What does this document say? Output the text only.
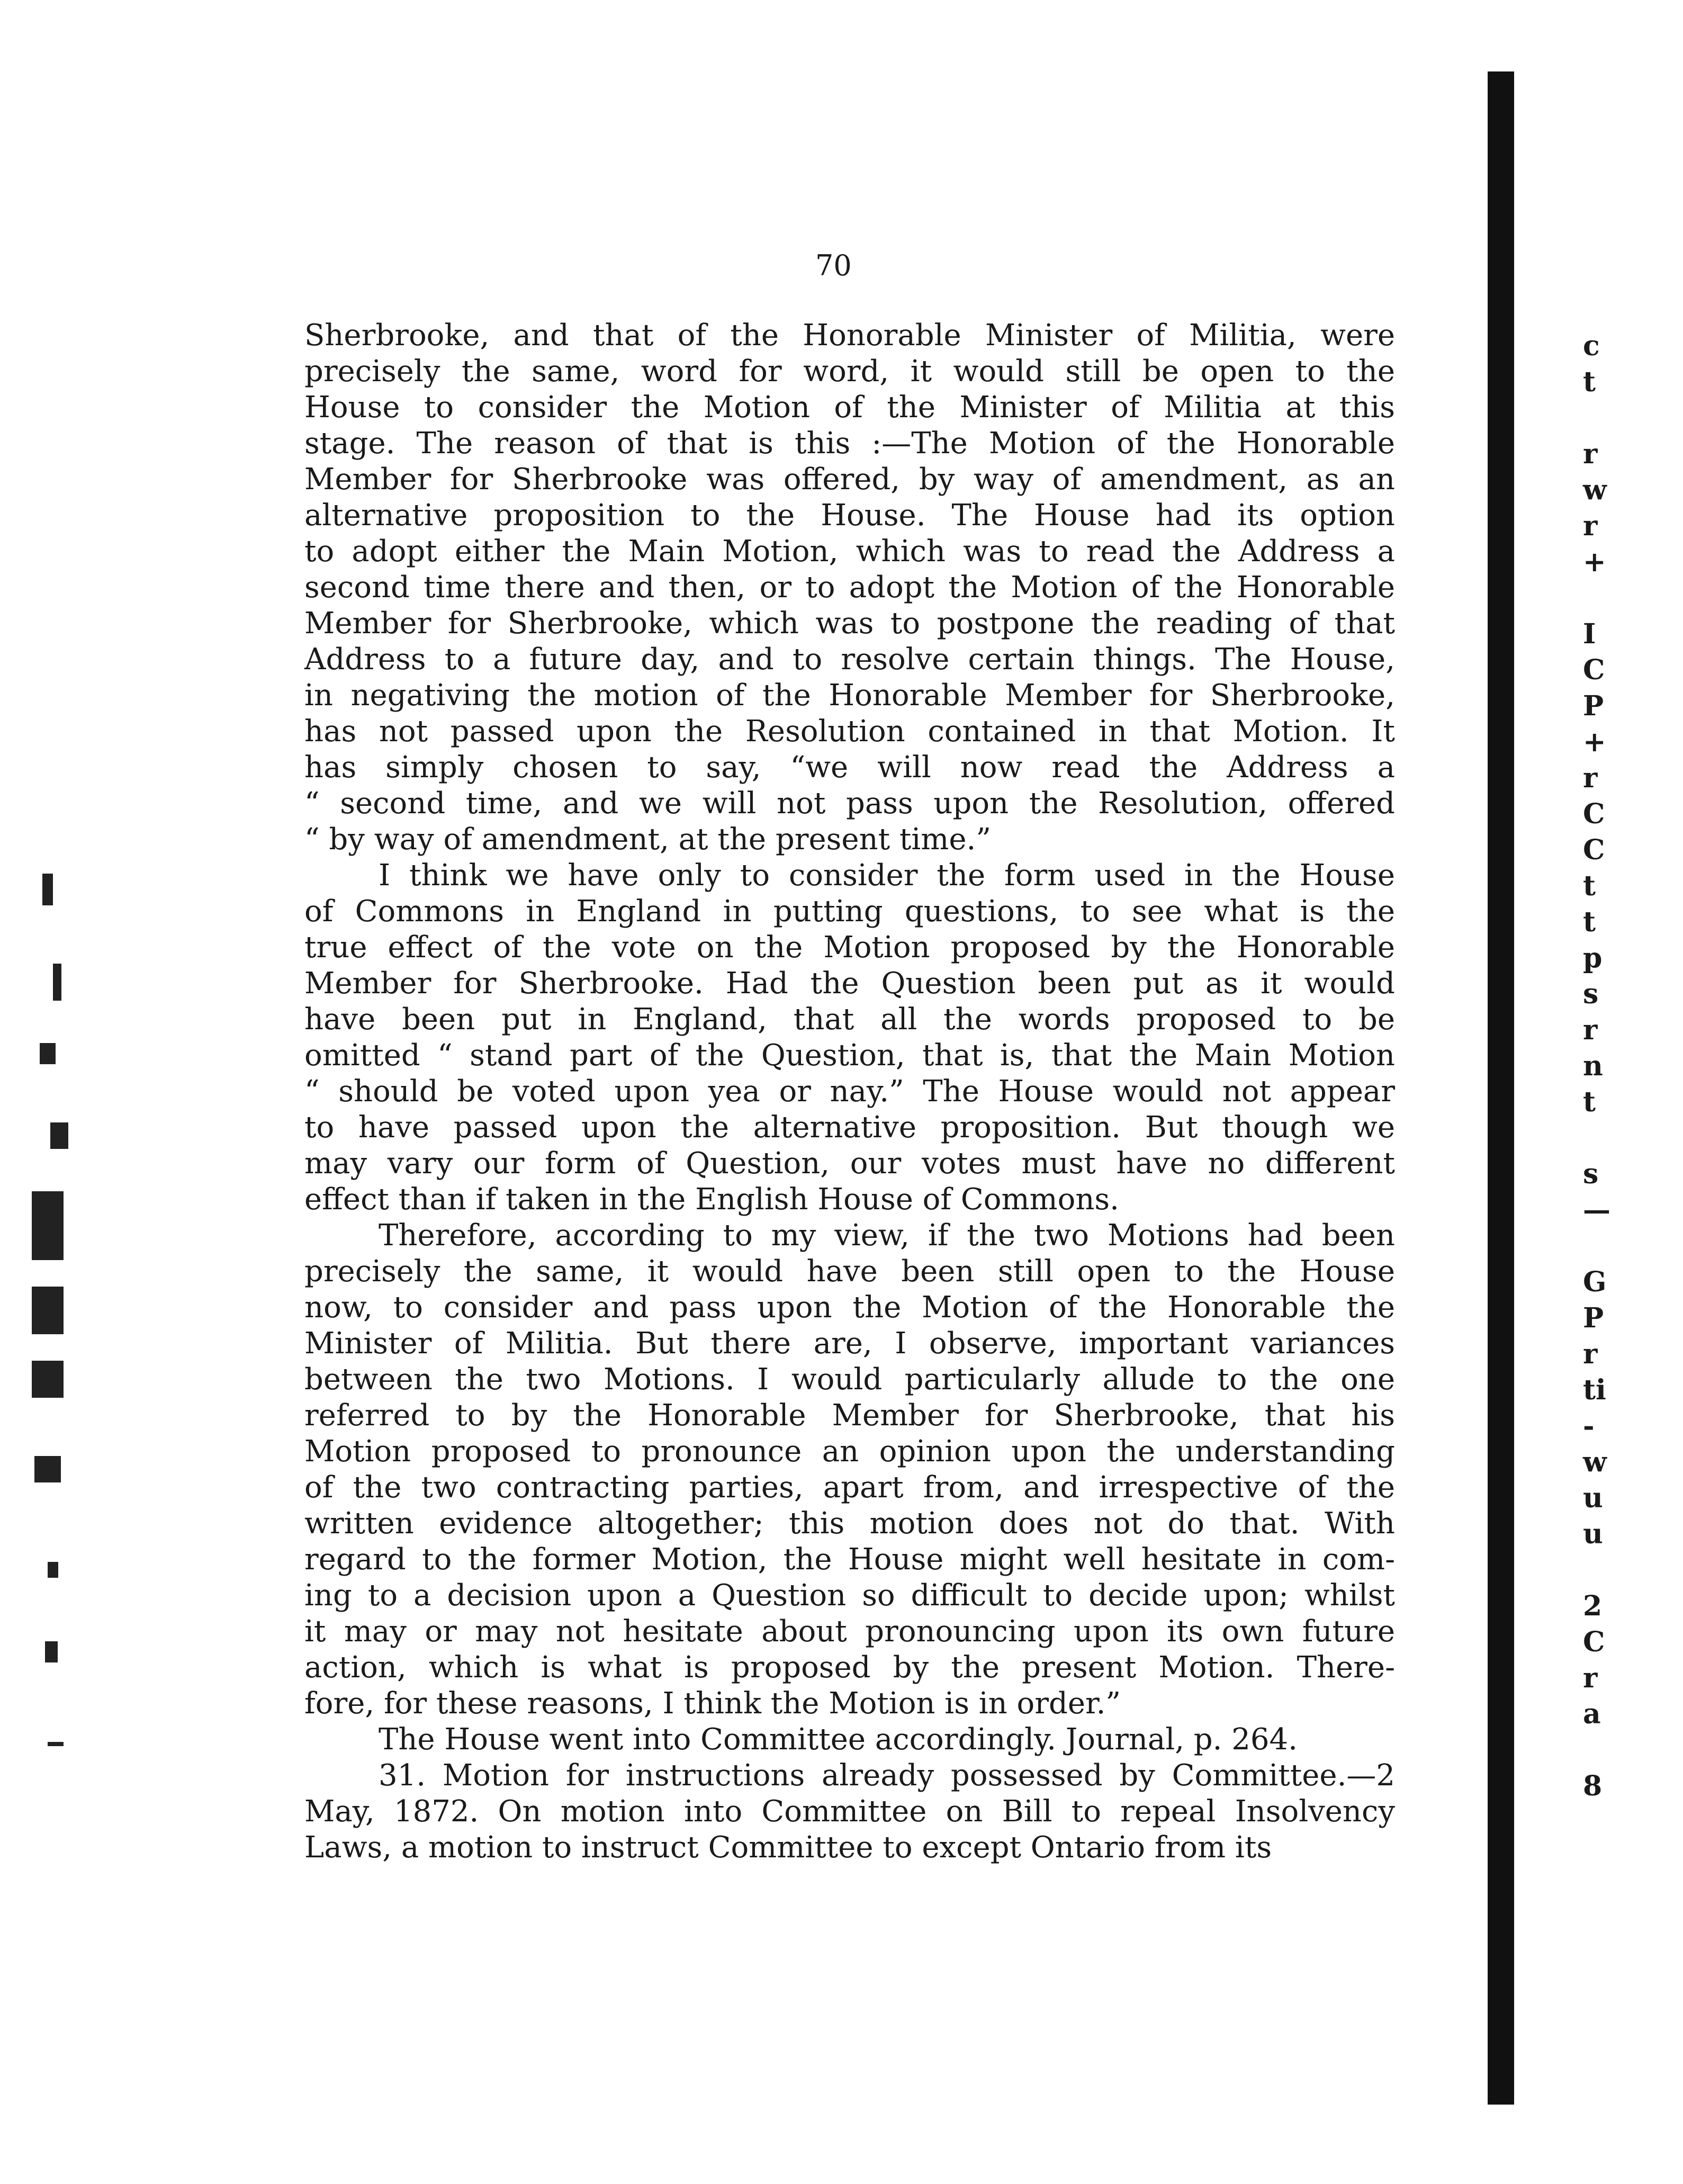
70

Sherbrooke, and that of the Honorable Minister of Militia, were
precisely the same, word for word, it would still be open to the
House to consider the Motion of the Minister of Militia at this
stage. The reason of that is this :—The Motion of the Honorable
Member for Sherbrooke was offered, by way of amendment, as an
alternative proposition to the House. The House had its option
to adopt either the Main Motion, which was to read the Address a
second time there and then, or to adopt the Motion of the Honorable
Member for Sherbrooke, which was to postpone the reading of that
Address to a future day, and to resolve certain things. The House,
in negativing the motion of the Honorable Member for Sherbrooke,
has not passed upon the Resolution contained in that Motion. It
has simply chosen to say, “we will now read the Address a
“ second time, and we will not pass upon the Resolution, offered
“ by way of amendment, at the present time.”

I think we have only to consider the form used in the House
of Commons in England in putting questions, to see what is the
true effect of the vote on the Motion proposed by the Honorable
Member for Sherbrooke. Had the Question been put as it would
have been put in England, that all the words proposed to be
omitted “ stand part of the Question, that is, that the Main Motion
“ should be voted upon yea or nay.” The House would not appear
to have passed upon the alternative proposition. But though we
may vary our form of Question, our votes must have no different
effect than if taken in the English House of Commons.

Therefore, according to my view, if the two Motions had been
precisely the same, it would have been still open to the House
now, to consider and pass upon the Motion of the Honorable the
Minister of Militia. But there are, I observe, important variances
between the two Motions. I would particularly allude to the one
referred to by the Honorable Member for Sherbrooke, that his
Motion proposed to pronounce an opinion upon the understanding
of the two contracting parties, apart from, and irrespective of the
written evidence altogether; this motion does not do that. With
regard to the former Motion, the House might well hesitate in com-
ing to a decision upon a Question so difficult to decide upon; whilst
it may or may not hesitate about pronouncing upon its own future
action, which is what is proposed by the present Motion. There-
fore, for these reasons, I think the Motion is in order.”

The House went into Committee accordingly. Journal, p. 264.

31. Motion for instructions already possessed by Committee.—2
May, 1872. On motion into Committee on Bill to repeal Insolvency
Laws, a motion to instruct Committee to except Ontario from its

c
t
r
w
r
+
I
C
P
+
r
C
C
t
t
p
s
r
n
t
s
—
G
P
r
ti
-
w
u
u
2
C
r
a
8
